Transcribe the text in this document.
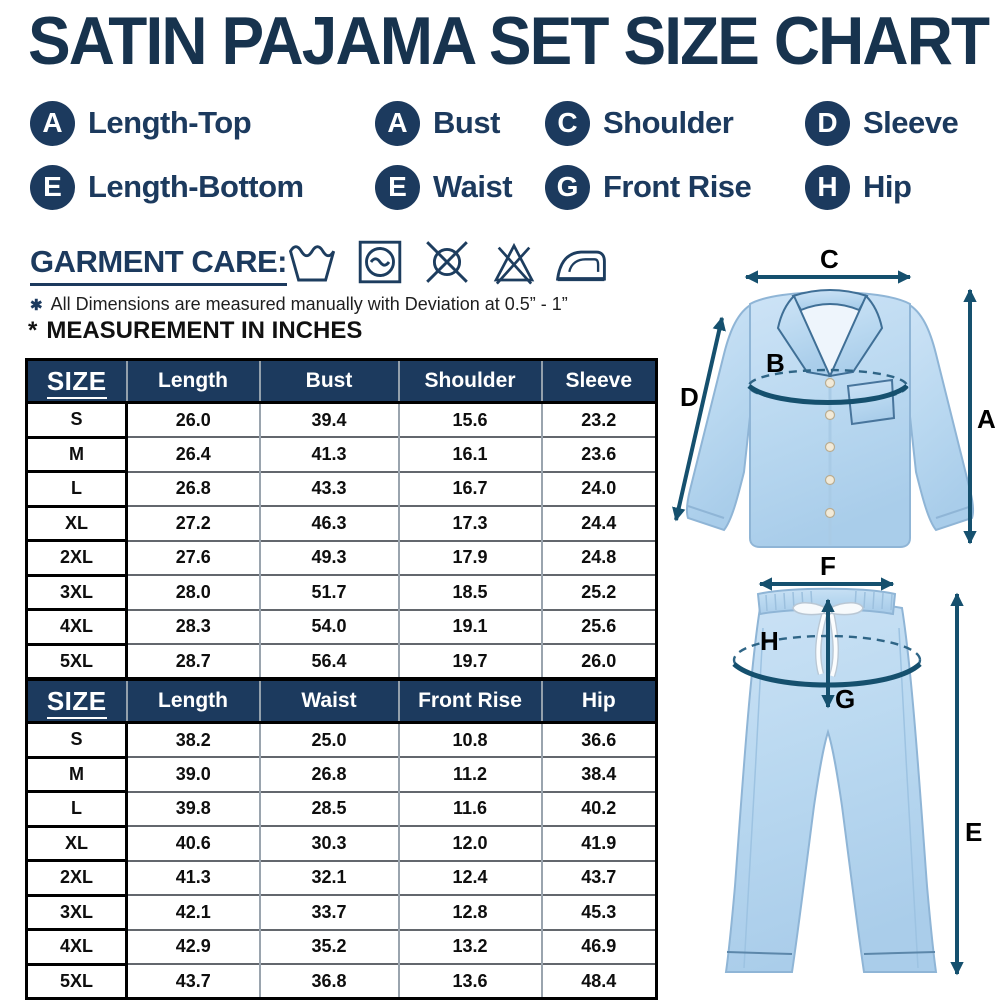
SATIN PAJAMA SET SIZE CHART
A Length-Top	A Bust	C Shoulder	D Sleeve
E Length-Bottom	E Waist	G Front Rise	H Hip
GARMENT CARE:
✱ All Dimensions are measured manually with Deviation at 0.5” - 1”
* MEASUREMENT IN INCHES
SIZE	Length	Bust	Shoulder	Sleeve
S	26.0	39.4	15.6	23.2
M	26.4	41.3	16.1	23.6
L	26.8	43.3	16.7	24.0
XL	27.2	46.3	17.3	24.4
2XL	27.6	49.3	17.9	24.8
3XL	28.0	51.7	18.5	25.2
4XL	28.3	54.0	19.1	25.6
5XL	28.7	56.4	19.7	26.0
SIZE	Length	Waist	Front Rise	Hip
S	38.2	25.0	10.8	36.6
M	39.0	26.8	11.2	38.4
L	39.8	28.5	11.6	40.2
XL	40.6	30.3	12.0	41.9
2XL	41.3	32.1	12.4	43.7
3XL	42.1	33.7	12.8	45.3
4XL	42.9	35.2	13.2	46.9
5XL	43.7	36.8	13.6	48.4
C
B
D
A
F
H
G
E
